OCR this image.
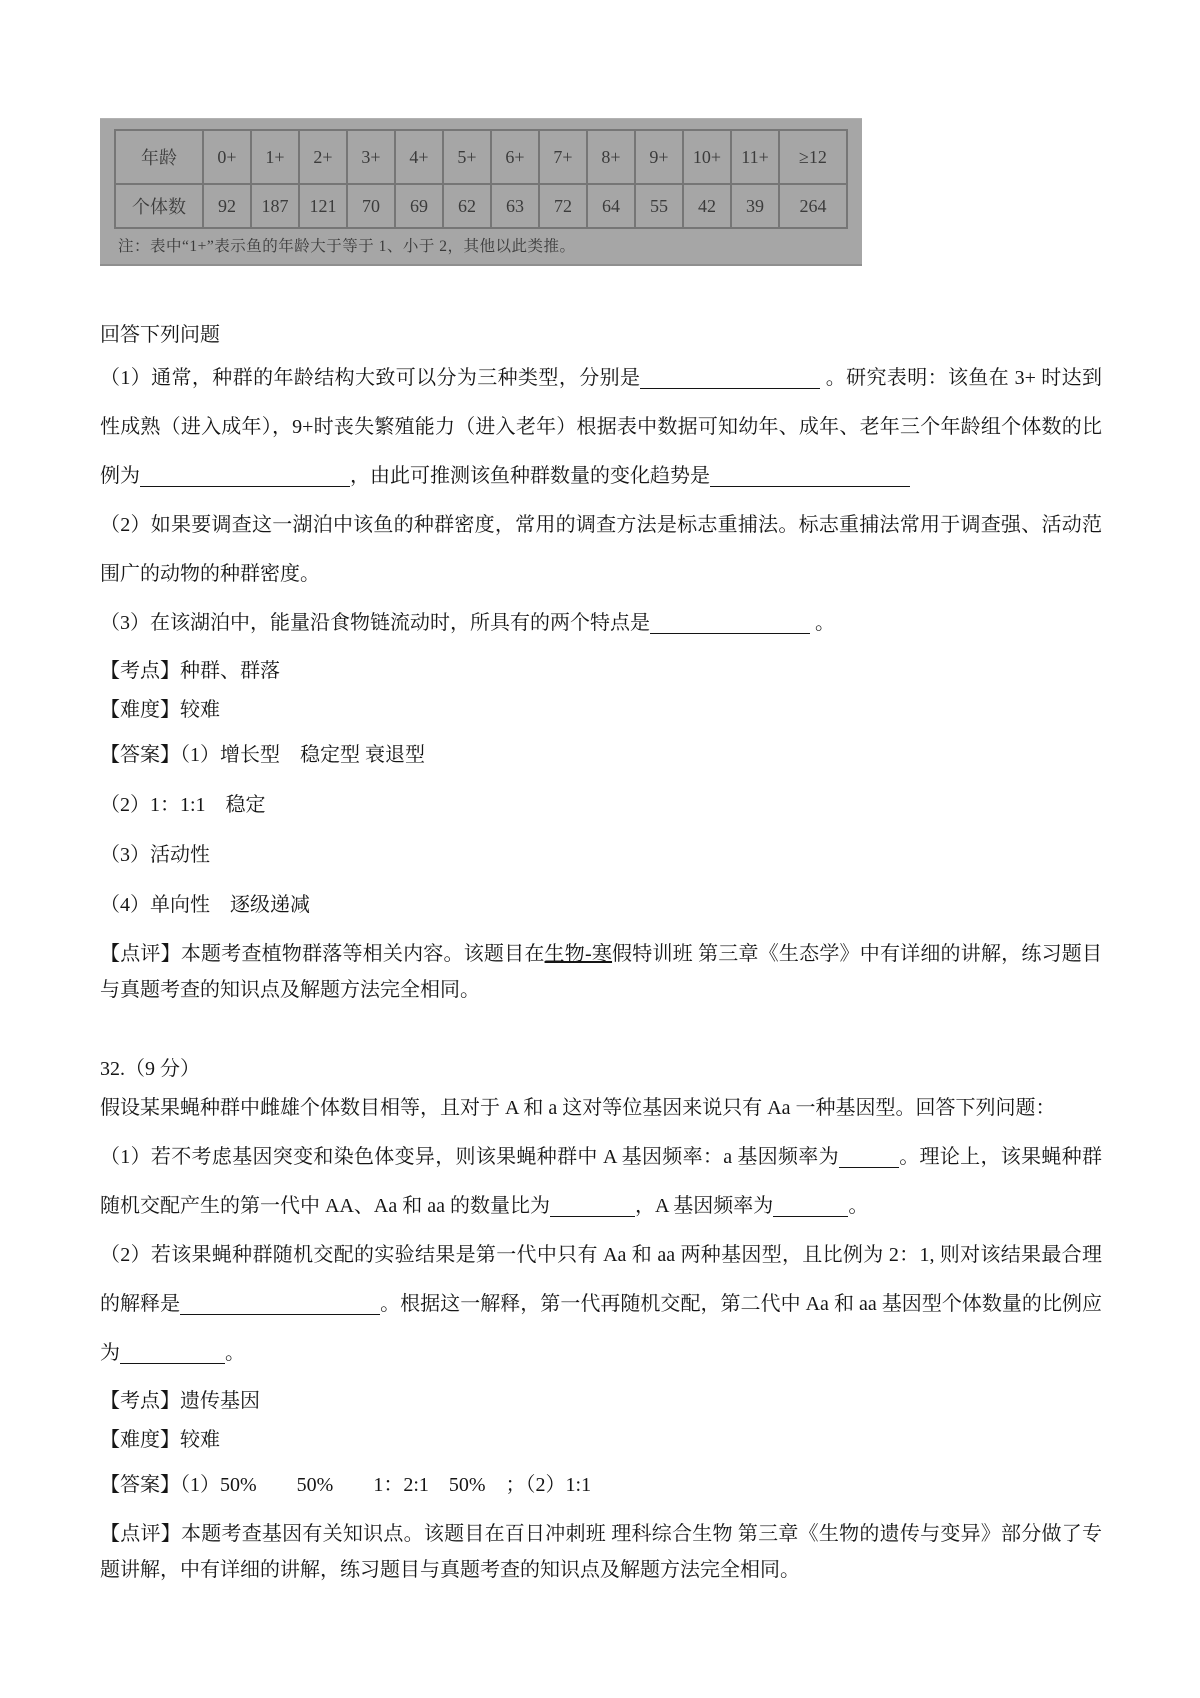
年龄	0+	1+	2+	3+	4+	5+	6+	7+	8+	9+	10+	11+	≥12
个体数	92	187	121	70	69	62	63	72	64	55	42	39	264
注：表中“1+”表示鱼的年龄大于等于 1、小于 2，其他以此类推。

回答下列问题

（1）通常，种群的年龄结构大致可以分为三种类型，分别是	。研究表明：该鱼在 3+ 时达到性成熟（进入成年），9+时丧失繁殖能力（进入老年）根据表中数据可知幼年、成年、老年三个年龄组个体数的比例为	，由此可推测该鱼种群数量的变化趋势是

（2）如果要调查这一湖泊中该鱼的种群密度，常用的调查方法是标志重捕法。标志重捕法常用于调查强、活动范围广的动物的种群密度。

（3）在该湖泊中，能量沿食物链流动时，所具有的两个特点是	。

【考点】种群、群落

【难度】较难

【答案】（1）增长型　稳定型 衰退型

（2）1：1:1　稳定

（3）活动性

（4）单向性　逐级递减

【点评】本题考查植物群落等相关内容。该题目在生物-寒假特训班 第三章《生态学》中有详细的讲解，练习题目与真题考查的知识点及解题方法完全相同。

32.（9 分）

假设某果蝇种群中雌雄个体数目相等，且对于 A 和 a 这对等位基因来说只有 Aa 一种基因型。回答下列问题：

（1）若不考虑基因突变和染色体变异，则该果蝇种群中 A 基因频率：a 基因频率为	。理论上，该果蝇种群随机交配产生的第一代中 AA、Aa 和 aa 的数量比为	，A 基因频率为	。

（2）若该果蝇种群随机交配的实验结果是第一代中只有 Aa 和 aa 两种基因型，且比例为 2：1, 则对该结果最合理的解释是	。根据这一解释，第一代再随机交配，第二代中 Aa 和 aa 基因型个体数量的比例应为	。

【考点】遗传基因

【难度】较难

【答案】（1）50%　　50%　　1：2:1　50%　；（2）1:1

【点评】本题考查基因有关知识点。该题目在百日冲刺班 理科综合生物 第三章《生物的遗传与变异》部分做了专题讲解，中有详细的讲解，练习题目与真题考查的知识点及解题方法完全相同。
